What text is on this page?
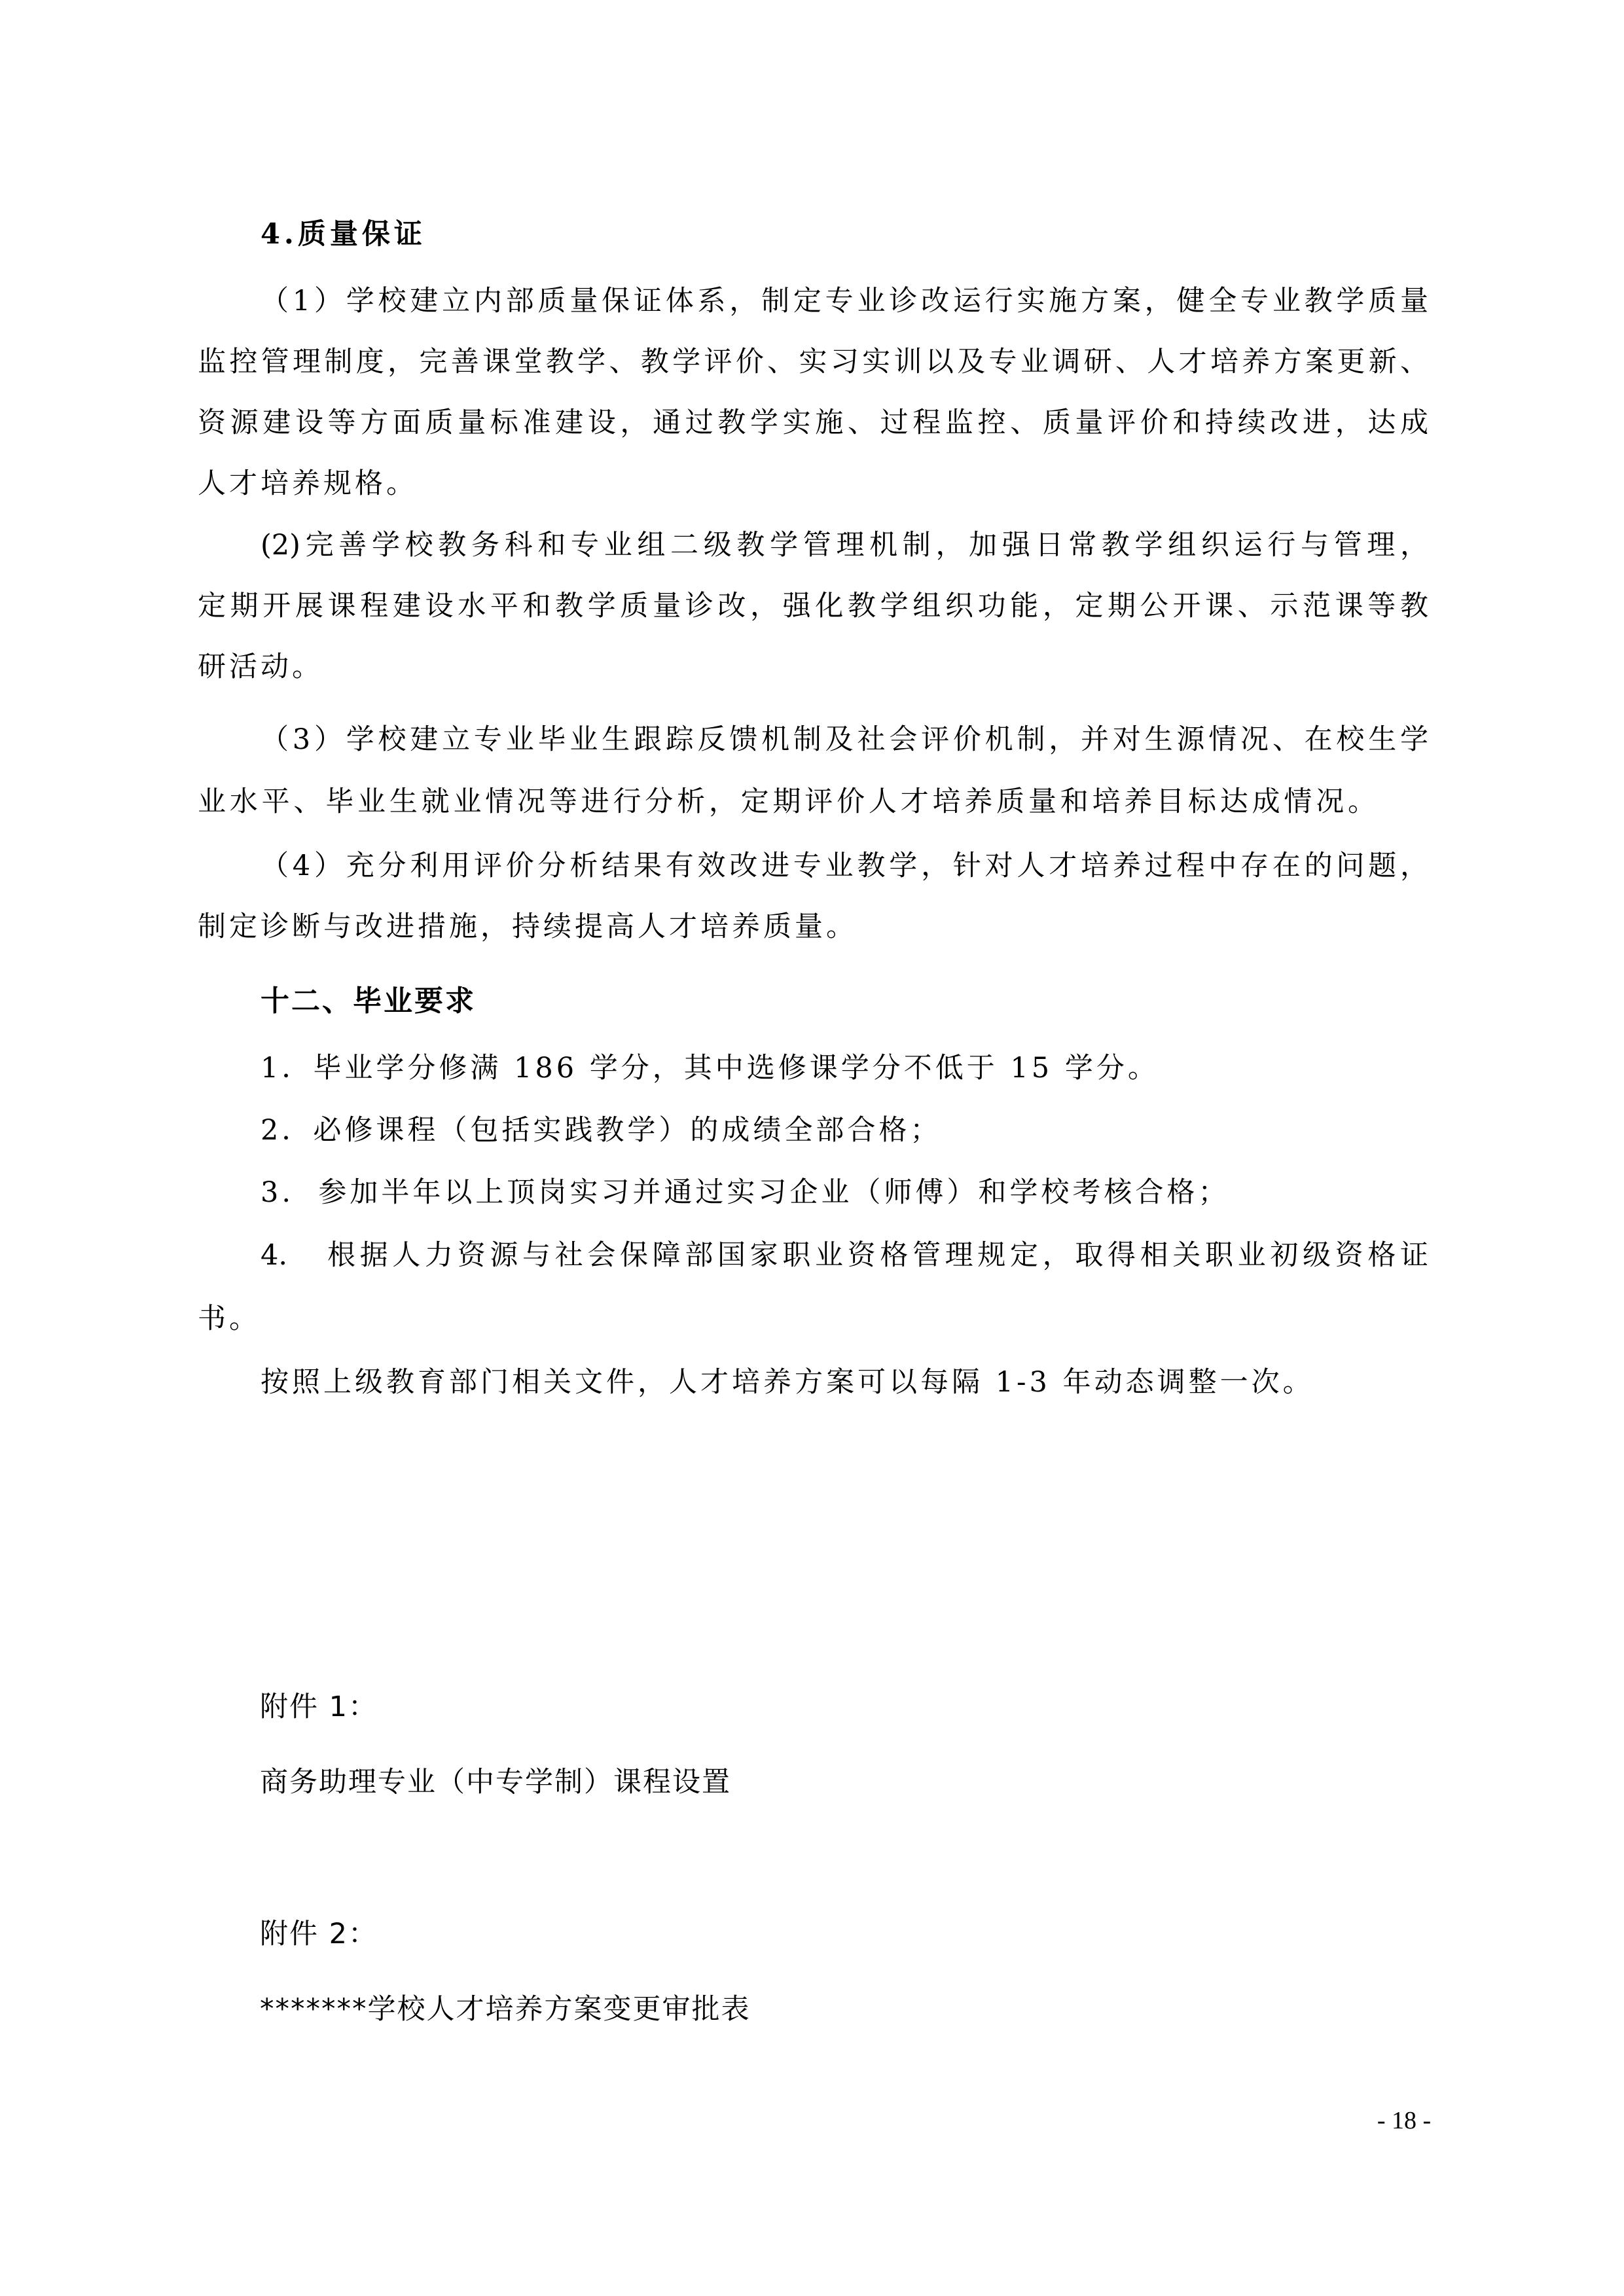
4.质量保证
（1）学校建立内部质量保证体系，制定专业诊改运行实施方案，健全专业教学质量
监控管理制度，完善课堂教学、教学评价、实习实训以及专业调研、人才培养方案更新、
资源建设等方面质量标准建设，通过教学实施、过程监控、质量评价和持续改进，达成
人才培养规格。
(2)完善学校教务科和专业组二级教学管理机制，加强日常教学组织运行与管理，
定期开展课程建设水平和教学质量诊改，强化教学组织功能，定期公开课、示范课等教
研活动。
（3）学校建立专业毕业生跟踪反馈机制及社会评价机制，并对生源情况、在校生学
业水平、毕业生就业情况等进行分析，定期评价人才培养质量和培养目标达成情况。
（4）充分利用评价分析结果有效改进专业教学，针对人才培养过程中存在的问题，
制定诊断与改进措施，持续提高人才培养质量。
十二、毕业要求
1．毕业学分修满 186 学分，其中选修课学分不低于 15 学分。
2．必修课程（包括实践教学）的成绩全部合格；
3.  参加半年以上顶岗实习并通过实习企业（师傅）和学校考核合格；
4.   根据人力资源与社会保障部国家职业资格管理规定，取得相关职业初级资格证
书。
按照上级教育部门相关文件，人才培养方案可以每隔 1-3 年动态调整一次。
附件 1：
商务助理专业（中专学制）课程设置
附件 2：
*******学校人才培养方案变更审批表
- 18 -
